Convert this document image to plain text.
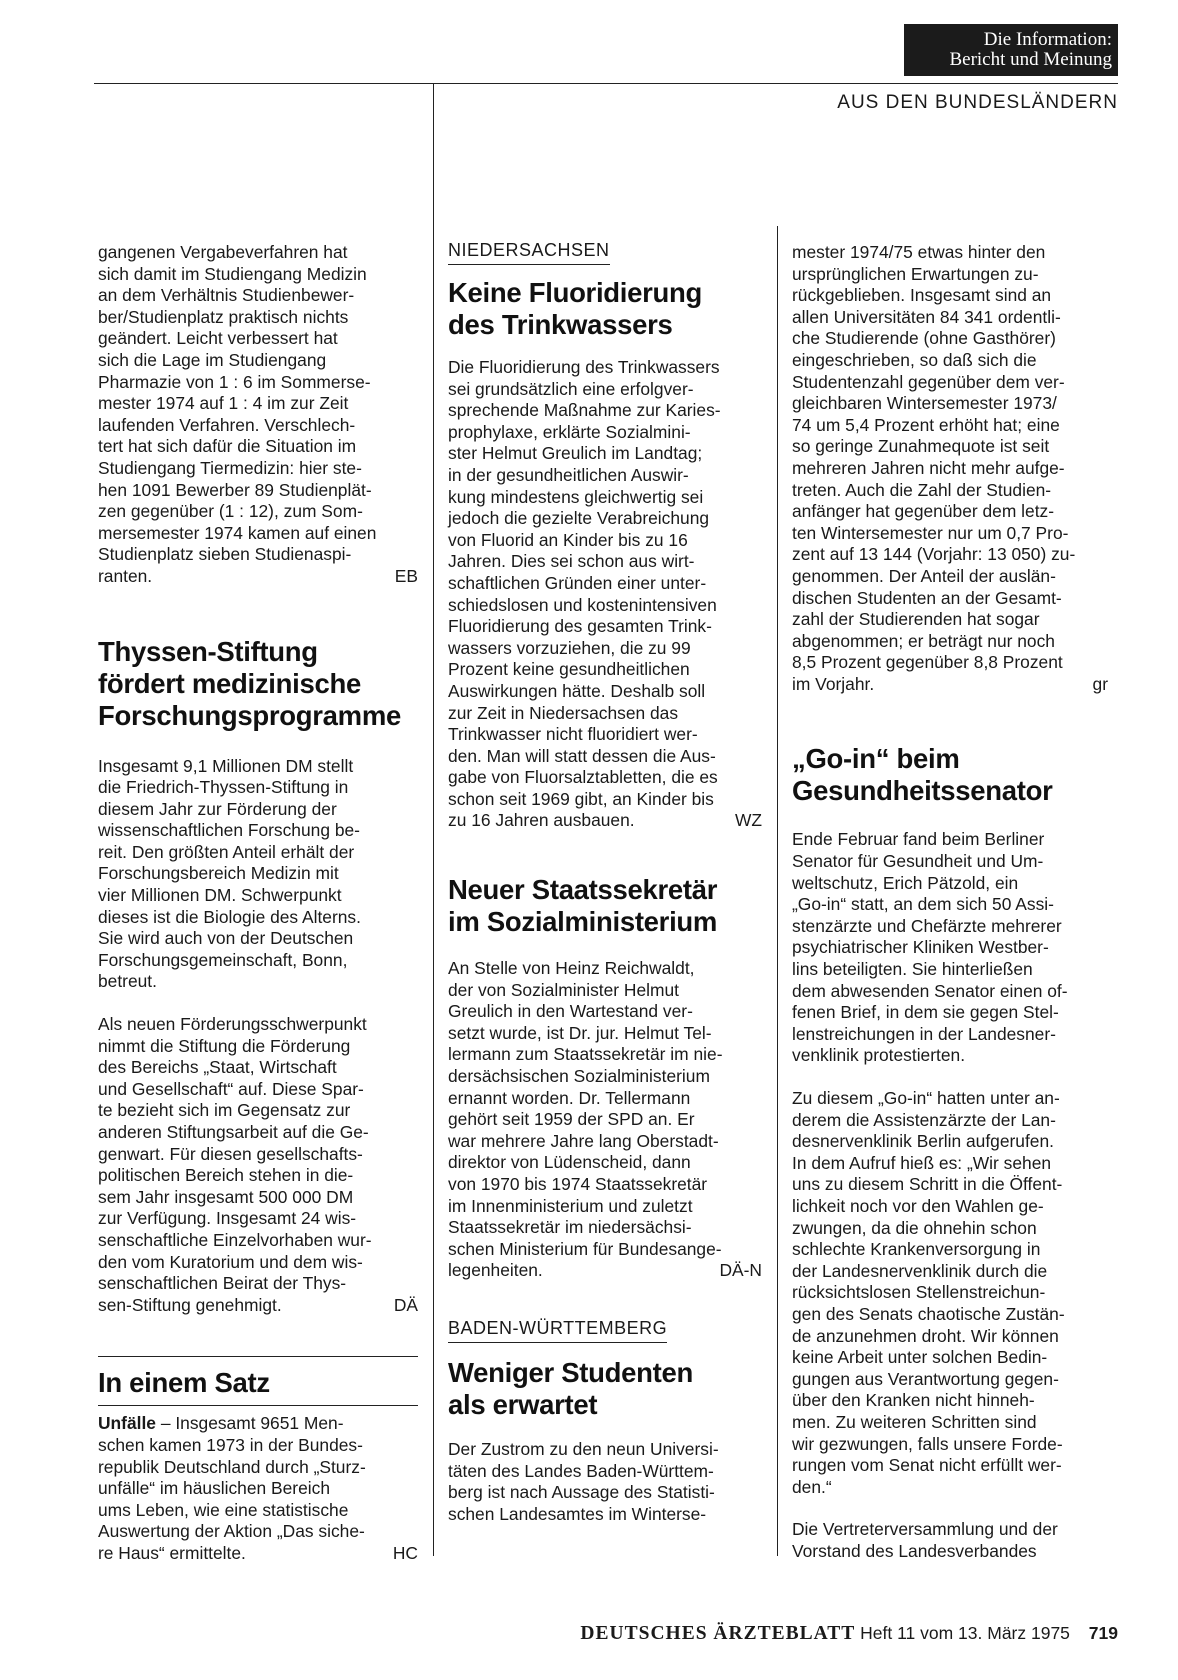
Die Information:
Bericht und Meinung
AUS DEN BUNDESLÄNDERN

gangenen Vergabeverfahren hat
sich damit im Studiengang Medizin
an dem Verhältnis Studienbewer-
ber/Studienplatz praktisch nichts
geändert. Leicht verbessert hat
sich die Lage im Studiengang
Pharmazie von 1 : 6 im Sommerse-
mester 1974 auf 1 : 4 im zur Zeit
laufenden Verfahren. Verschlech-
tert hat sich dafür die Situation im
Studiengang Tiermedizin: hier ste-
hen 1091 Bewerber 89 Studienplät-
zen gegenüber (1 : 12), zum Som-
mersemester 1974 kamen auf einen
Studienplatz sieben Studienaspi-
ranten.	EB

Thyssen-Stiftung
fördert medizinische
Forschungsprogramme

Insgesamt 9,1 Millionen DM stellt
die Friedrich-Thyssen-Stiftung in
diesem Jahr zur Förderung der
wissenschaftlichen Forschung be-
reit. Den größten Anteil erhält der
Forschungsbereich Medizin mit
vier Millionen DM. Schwerpunkt
dieses ist die Biologie des Alterns.
Sie wird auch von der Deutschen
Forschungsgemeinschaft, Bonn,
betreut.

Als neuen Förderungsschwerpunkt
nimmt die Stiftung die Förderung
des Bereichs „Staat, Wirtschaft
und Gesellschaft“ auf. Diese Spar-
te bezieht sich im Gegensatz zur
anderen Stiftungsarbeit auf die Ge-
genwart. Für diesen gesellschafts-
politischen Bereich stehen in die-
sem Jahr insgesamt 500 000 DM
zur Verfügung. Insgesamt 24 wis-
senschaftliche Einzelvorhaben wur-
den vom Kuratorium und dem wis-
senschaftlichen Beirat der Thys-
sen-Stiftung genehmigt.	DÄ

In einem Satz

Unfälle – Insgesamt 9651 Men-
schen kamen 1973 in der Bundes-
republik Deutschland durch „Sturz-
unfälle“ im häuslichen Bereich
ums Leben, wie eine statistische
Auswertung der Aktion „Das siche-
re Haus“ ermittelte.	HC

NIEDERSACHSEN
Keine Fluoridierung
des Trinkwassers

Die Fluoridierung des Trinkwassers
sei grundsätzlich eine erfolgver-
sprechende Maßnahme zur Karies-
prophylaxe, erklärte Sozialmini-
ster Helmut Greulich im Landtag;
in der gesundheitlichen Auswir-
kung mindestens gleichwertig sei
jedoch die gezielte Verabreichung
von Fluorid an Kinder bis zu 16
Jahren. Dies sei schon aus wirt-
schaftlichen Gründen einer unter-
schiedslosen und kostenintensiven
Fluoridierung des gesamten Trink-
wassers vorzuziehen, die zu 99
Prozent keine gesundheitlichen
Auswirkungen hätte. Deshalb soll
zur Zeit in Niedersachsen das
Trinkwasser nicht fluoridiert wer-
den. Man will statt dessen die Aus-
gabe von Fluorsalztabletten, die es
schon seit 1969 gibt, an Kinder bis
zu 16 Jahren ausbauen.	WZ

Neuer Staatssekretär
im Sozialministerium

An Stelle von Heinz Reichwaldt,
der von Sozialminister Helmut
Greulich in den Wartestand ver-
setzt wurde, ist Dr. jur. Helmut Tel-
lermann zum Staatssekretär im nie-
dersächsischen Sozialministerium
ernannt worden. Dr. Tellermann
gehört seit 1959 der SPD an. Er
war mehrere Jahre lang Oberstadt-
direktor von Lüdenscheid, dann
von 1970 bis 1974 Staatssekretär
im Innenministerium und zuletzt
Staatssekretär im niedersächsi-
schen Ministerium für Bundesange-
legenheiten.	DÄ-N

BADEN-WÜRTTEMBERG
Weniger Studenten
als erwartet

Der Zustrom zu den neun Universi-
täten des Landes Baden-Württem-
berg ist nach Aussage des Statisti-
schen Landesamtes im Winterse-

mester 1974/75 etwas hinter den
ursprünglichen Erwartungen zu-
rückgeblieben. Insgesamt sind an
allen Universitäten 84 341 ordentli-
che Studierende (ohne Gasthörer)
eingeschrieben, so daß sich die
Studentenzahl gegenüber dem ver-
gleichbaren Wintersemester 1973/
74 um 5,4 Prozent erhöht hat; eine
so geringe Zunahmequote ist seit
mehreren Jahren nicht mehr aufge-
treten. Auch die Zahl der Studien-
anfänger hat gegenüber dem letz-
ten Wintersemester nur um 0,7 Pro-
zent auf 13 144 (Vorjahr: 13 050) zu-
genommen. Der Anteil der auslän-
dischen Studenten an der Gesamt-
zahl der Studierenden hat sogar
abgenommen; er beträgt nur noch
8,5 Prozent gegenüber 8,8 Prozent
im Vorjahr.	gr

„Go-in“ beim
Gesundheitssenator

Ende Februar fand beim Berliner
Senator für Gesundheit und Um-
weltschutz, Erich Pätzold, ein
„Go-in“ statt, an dem sich 50 Assi-
stenzärzte und Chefärzte mehrerer
psychiatrischer Kliniken Westber-
lins beteiligten. Sie hinterließen
dem abwesenden Senator einen of-
fenen Brief, in dem sie gegen Stel-
lenstreichungen in der Landesner-
venklinik protestierten.

Zu diesem „Go-in“ hatten unter an-
derem die Assistenzärzte der Lan-
desnervenklinik Berlin aufgerufen.
In dem Aufruf hieß es: „Wir sehen
uns zu diesem Schritt in die Öffent-
lichkeit noch vor den Wahlen ge-
zwungen, da die ohnehin schon
schlechte Krankenversorgung in
der Landesnervenklinik durch die
rücksichtslosen Stellenstreichun-
gen des Senats chaotische Zustän-
de anzunehmen droht. Wir können
keine Arbeit unter solchen Bedin-
gungen aus Verantwortung gegen-
über den Kranken nicht hinneh-
men. Zu weiteren Schritten sind
wir gezwungen, falls unsere Forde-
rungen vom Senat nicht erfüllt wer-
den.“

Die Vertreterversammlung und der
Vorstand des Landesverbandes

DEUTSCHES ÄRZTEBLATT Heft 11 vom 13. März 1975 719
